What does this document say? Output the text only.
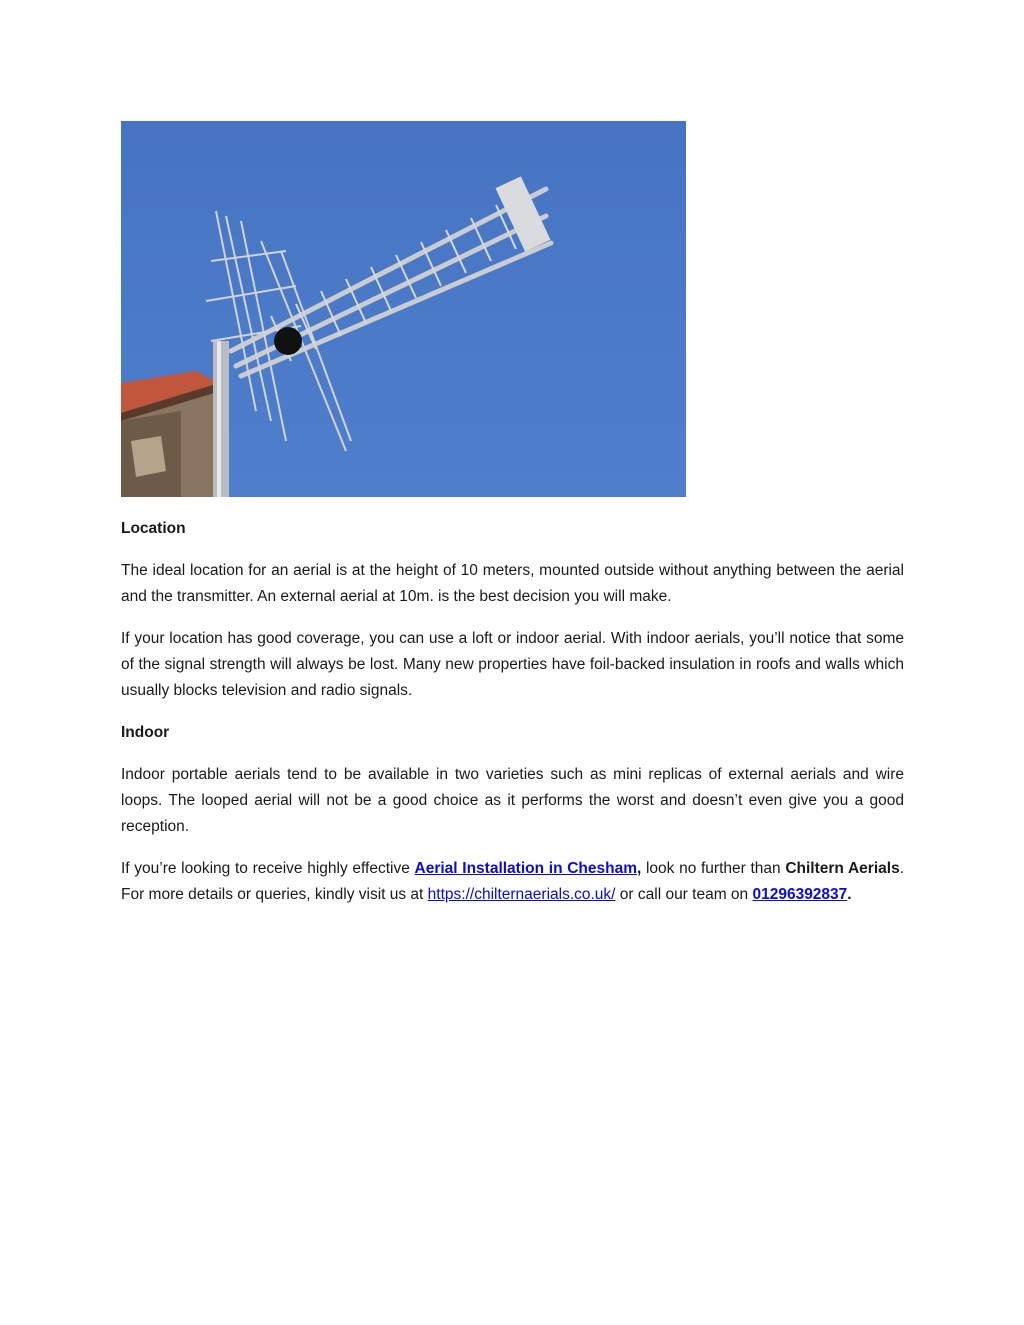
Location
The ideal location for an aerial is at the height of 10 meters, mounted outside without anything between the aerial and the transmitter. An external aerial at 10m. is the best decision you will make.
If your location has good coverage, you can use a loft or indoor aerial. With indoor aerials, you’ll notice that some of the signal strength will always be lost. Many new properties have foil-backed insulation in roofs and walls which usually blocks television and radio signals.
Indoor
Indoor portable aerials tend to be available in two varieties such as mini replicas of external aerials and wire loops. The looped aerial will not be a good choice as it performs the worst and doesn’t even give you a good reception.
If you’re looking to receive highly effective Aerial Installation in Chesham, look no further than Chiltern Aerials. For more details or queries, kindly visit us at https://chilternaerials.co.uk/ or call our team on 01296392837.
